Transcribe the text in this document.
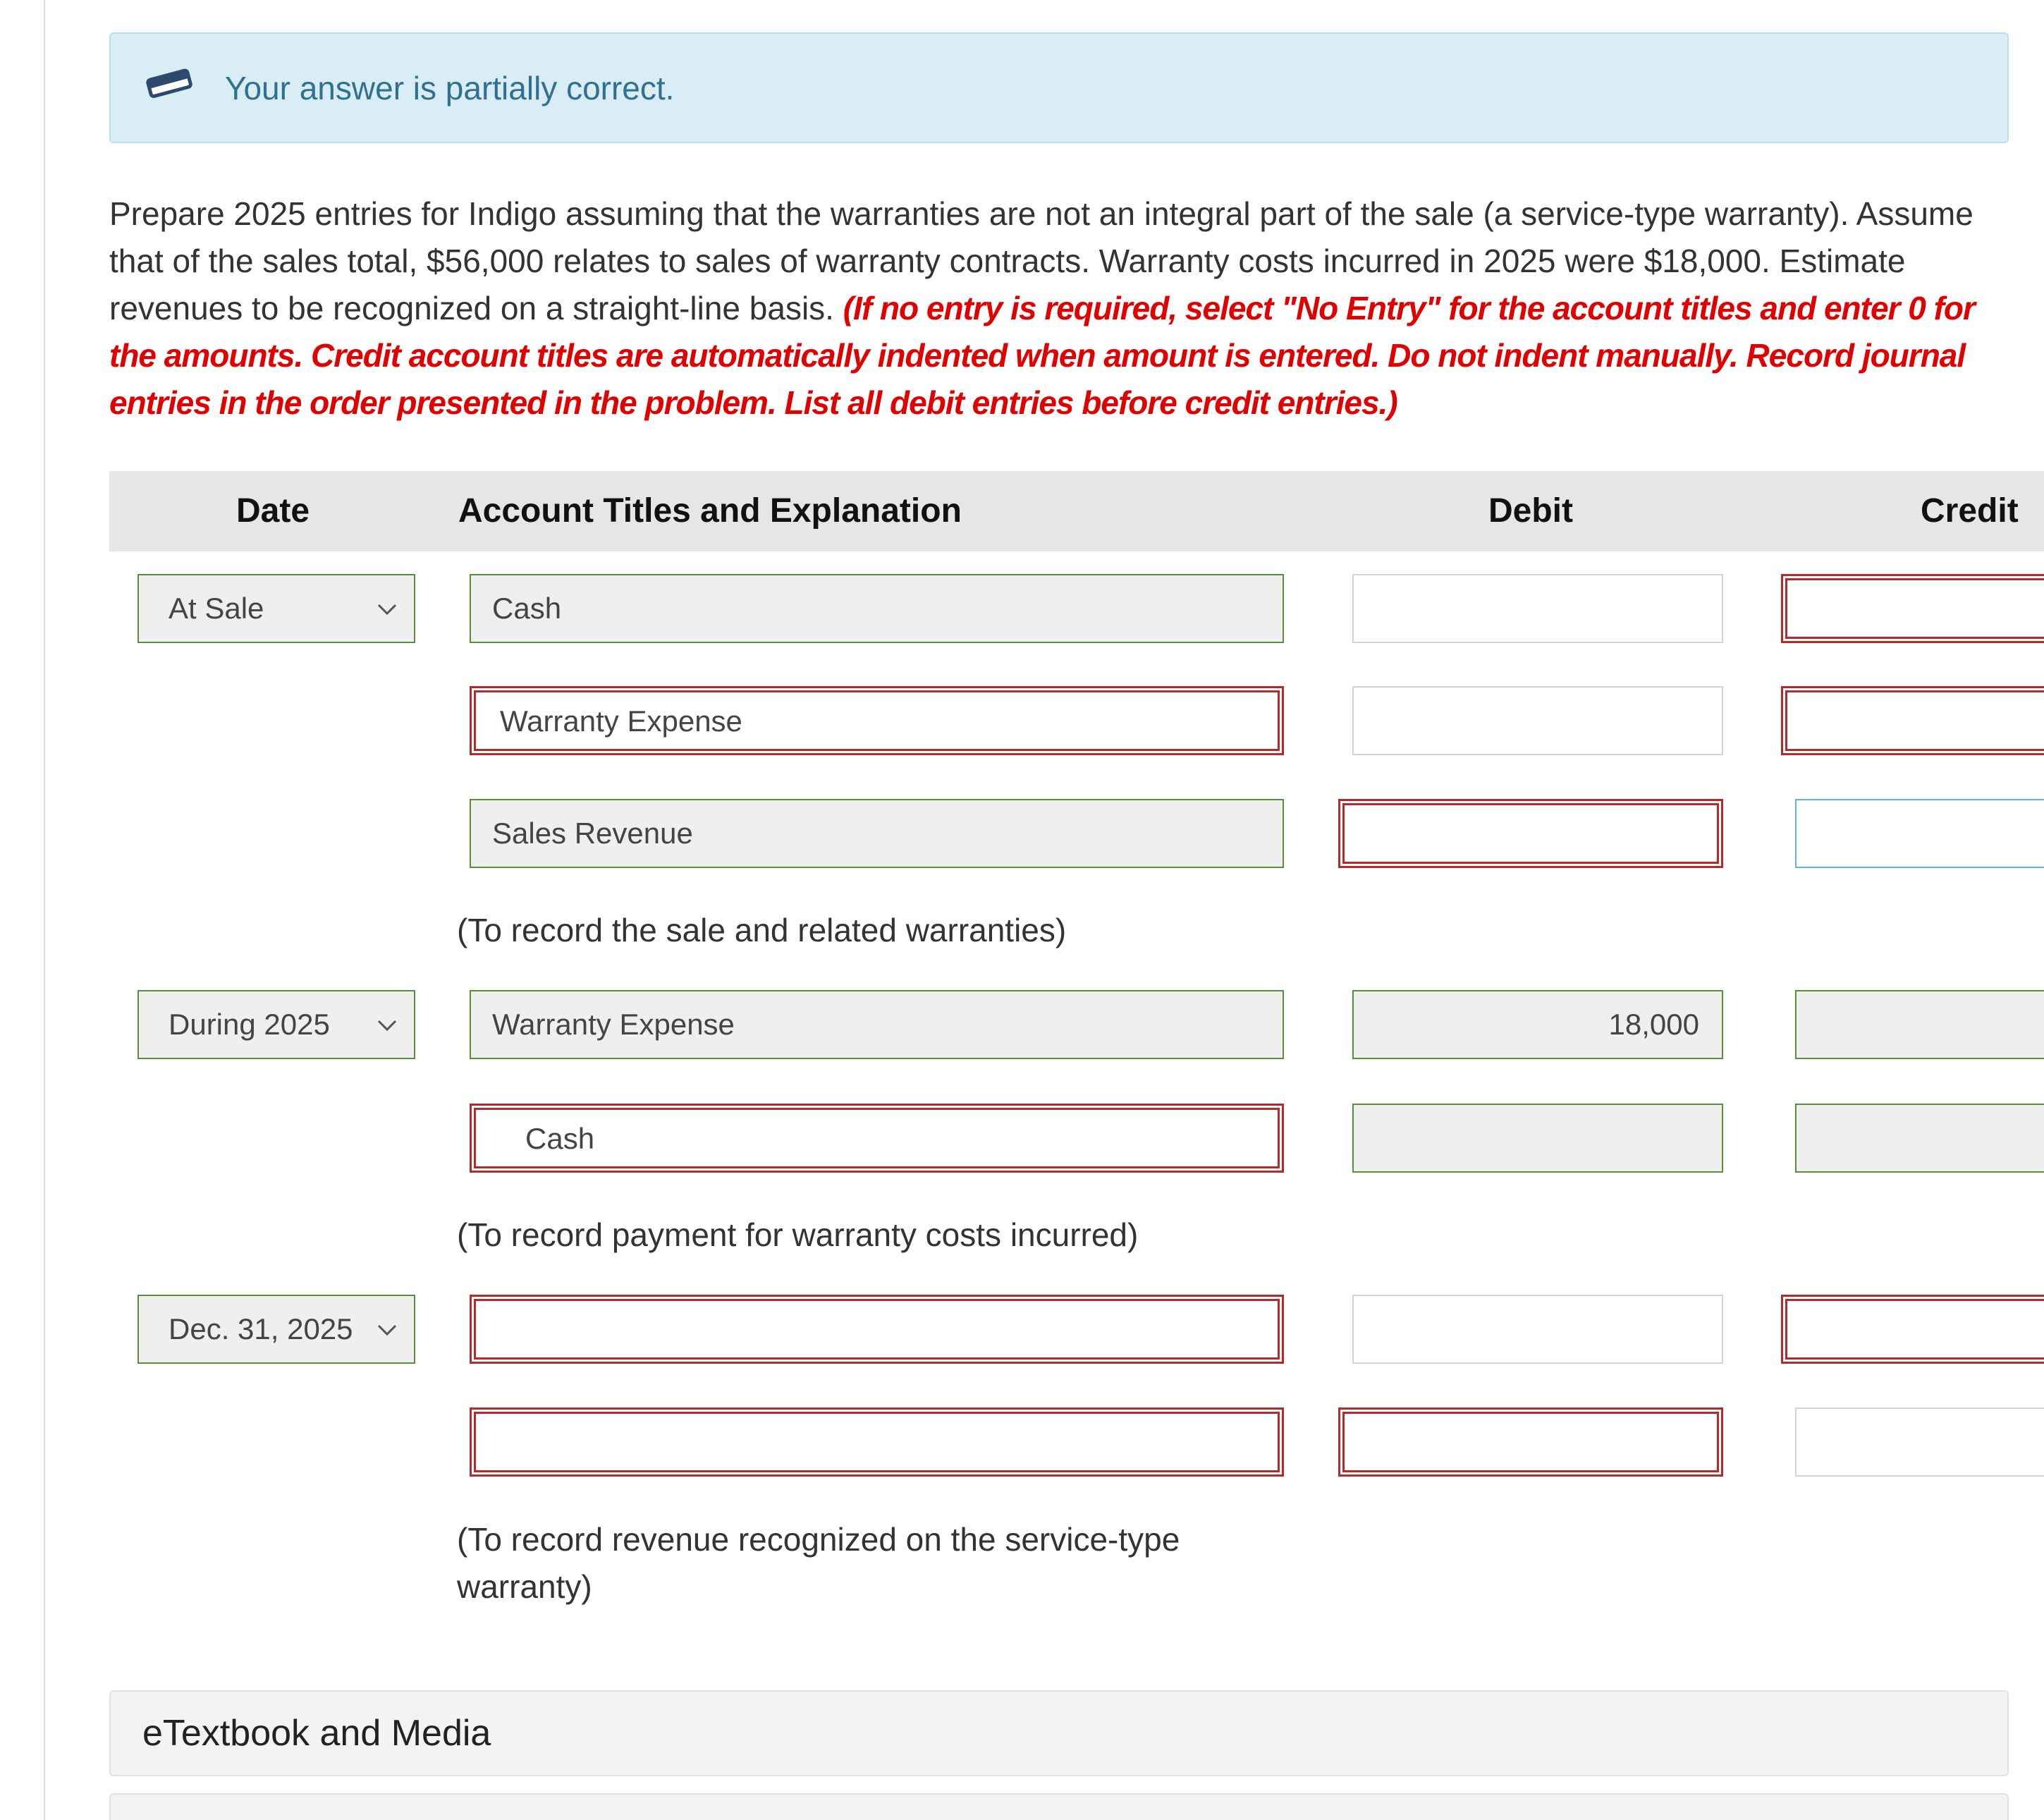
Your answer is partially correct.
Prepare 2025 entries for Indigo assuming that the warranties are not an integral part of the sale (a service-type warranty). Assume that of the sales total, $56,000 relates to sales of warranty contracts. Warranty costs incurred in 2025 were $18,000. Estimate revenues to be recognized on a straight-line basis. (If no entry is required, select "No Entry" for the account titles and enter 0 for the amounts. Credit account titles are automatically indented when amount is entered. Do not indent manually. Record journal entries in the order presented in the problem. List all debit entries before credit entries.)
Date	Account Titles and Explanation	Debit	Credit
At Sale	Cash
Warranty Expense
Sales Revenue
(To record the sale and related warranties)
During 2025	Warranty Expense	18,000
Cash
(To record payment for warranty costs incurred)
Dec. 31, 2025
(To record revenue recognized on the service-type warranty)
eTextbook and Media
